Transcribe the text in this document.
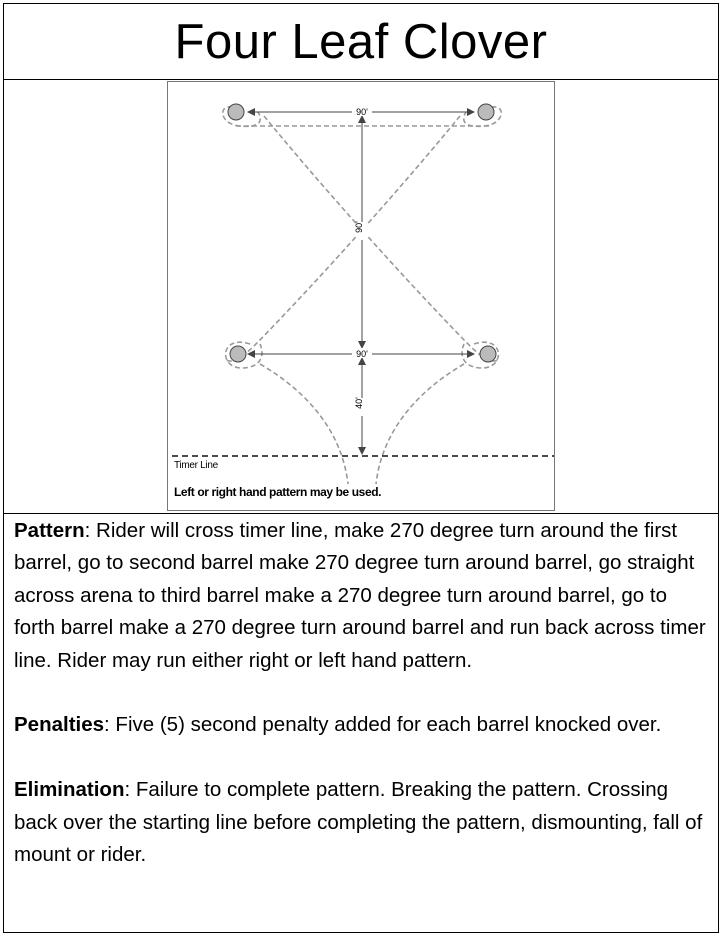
Four Leaf Clover
90'
90'
90'
40'
Timer Line
Left or right hand pattern may be used.

Pattern: Rider will cross timer line, make 270 degree turn around the first barrel, go to second barrel make 270 degree turn around barrel, go straight across arena to third barrel make a 270 degree turn around barrel, go to forth barrel make a 270 degree turn around barrel and run back across timer line. Rider may run either right or left hand pattern.

Penalties: Five (5) second penalty added for each barrel knocked over.

Elimination: Failure to complete pattern. Breaking the pattern. Crossing back over the starting line before completing the pattern, dismounting, fall of mount or rider.
